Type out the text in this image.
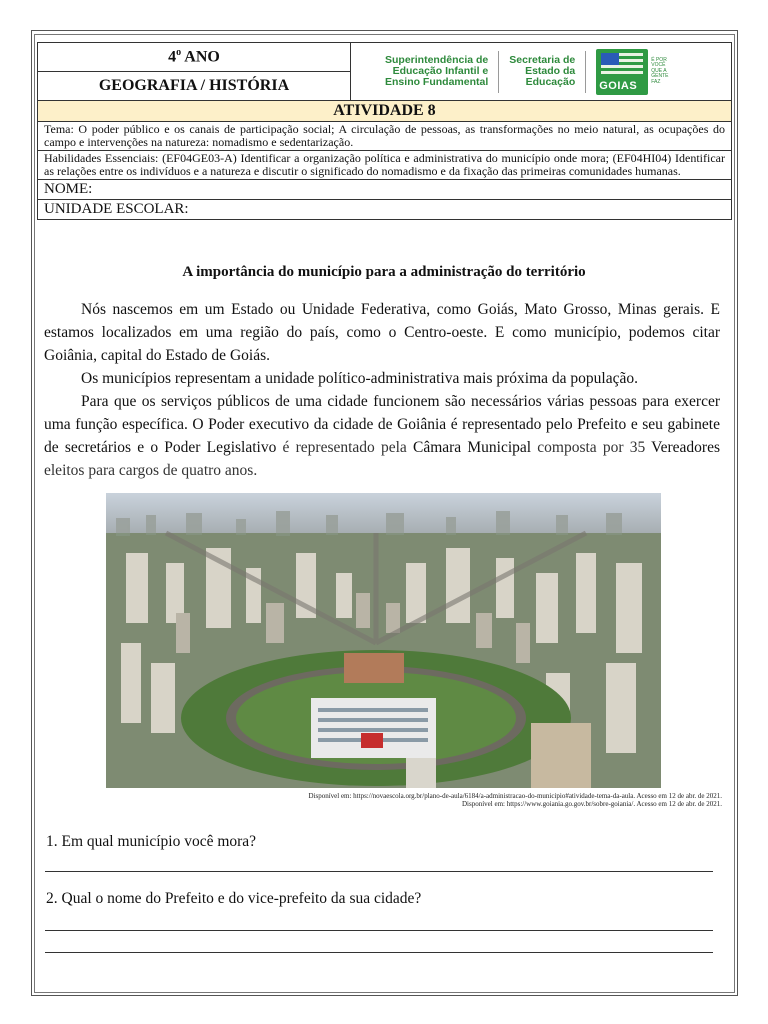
4$^o$ ANO	Superintendência de
Educação Infantil e
Ensino Fundamental
Secretaria de
Estado da
Educação GOIAS
É POR VOCÊ QUE A GENTE FAZ

GEOGRAFIA / HISTÓRIA
ATIVIDADE 8
Tema: O poder público e os canais de participação social; A circulação de pessoas, as transformações no meio natural, as ocupações do campo e intervenções na natureza: nomadismo e sedentarização.
Habilidades Essenciais: (EF04GE03-A) Identificar a organização política e administrativa do município onde mora; (EF04HI04) Identificar as relações entre os indivíduos e a natureza e discutir o significado do nomadismo e da fixação das primeiras comunidades humanas.
NOME:
UNIDADE ESCOLAR:
A importância do município para a administração do território
Nós nascemos em um Estado ou Unidade Federativa, como Goiás, Mato Grosso, Minas gerais. E estamos localizados em uma região do país, como o Centro-oeste. E como município, podemos citar Goiânia, capital do Estado de Goiás.
Os municípios representam a unidade político-administrativa mais próxima da população.
Para que os serviços públicos de uma cidade funcionem são necessários várias pessoas para exercer uma função específica. O Poder executivo da cidade de Goiânia é representado pelo Prefeito e seu gabinete de secretários e o Poder Legislativo é representado pela Câmara Municipal composta por 35 Vereadores eleitos para cargos de quatro anos.
Disponível em: https://novaescola.org.br/plano-de-aula/6184/a-administracao-do-municipio#atividade-tema-da-aula. Acesso em 12 de abr. de 2021.
Disponível em: https://www.goiania.go.gov.br/sobre-goiania/. Acesso em 12 de abr. de 2021.
1. Em qual município você mora?
2. Qual o nome do Prefeito e do vice-prefeito da sua cidade?
